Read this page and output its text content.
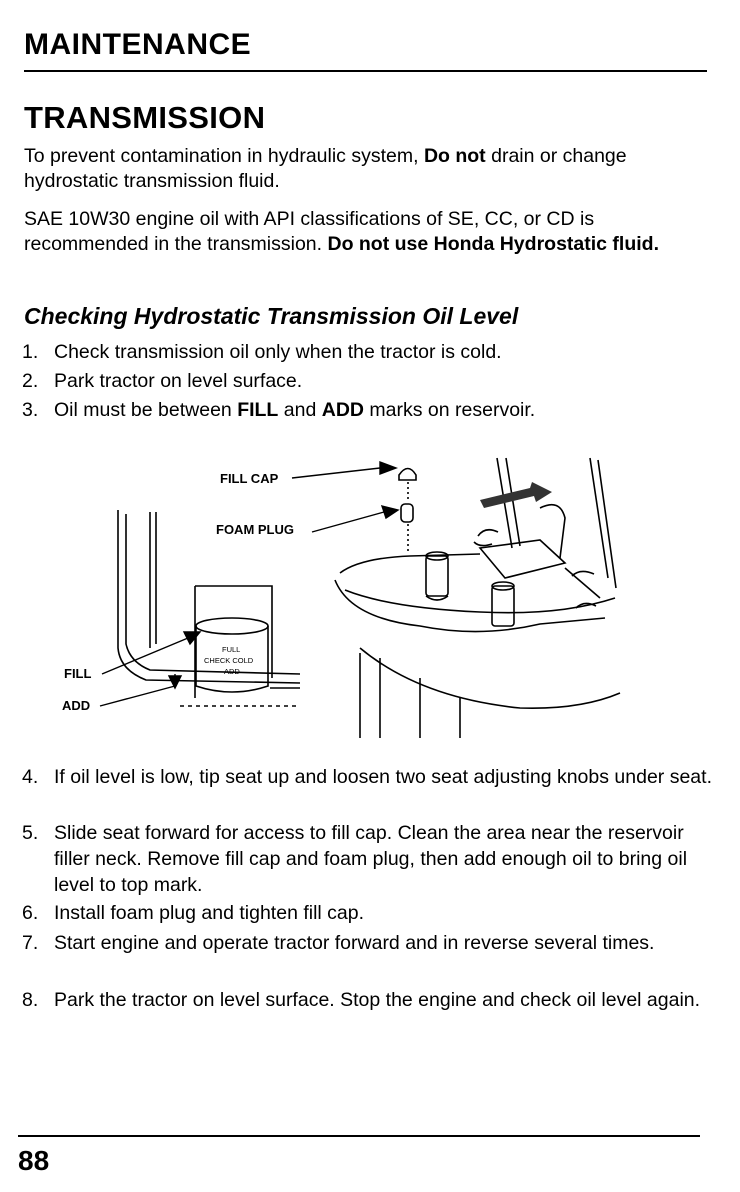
MAINTENANCE
TRANSMISSION

To prevent contamination in hydraulic system, Do not drain or change hydrostatic transmission fluid.

SAE 10W30 engine oil with API classifications of SE, CC, or CD is recommended in the transmission. Do not use Honda Hydrostatic fluid.

Checking Hydrostatic Transmission Oil Level
1. Check transmission oil only when the tractor is cold.
2. Park tractor on level surface.
3. Oil must be between FILL and ADD marks on reservoir.
FILL CAP
FOAM PLUG
FILL
ADD
FULL
CHECK COLD
ADD
4. If oil level is low, tip seat up and loosen two seat adjusting knobs under seat.
5. Slide seat forward for access to fill cap. Clean the area near the reservoir filler neck. Remove fill cap and foam plug, then add enough oil to bring oil level to top mark.
6. Install foam plug and tighten fill cap.
7. Start engine and operate tractor forward and in reverse several times.
8. Park the tractor on level surface. Stop the engine and check oil level again.
88
